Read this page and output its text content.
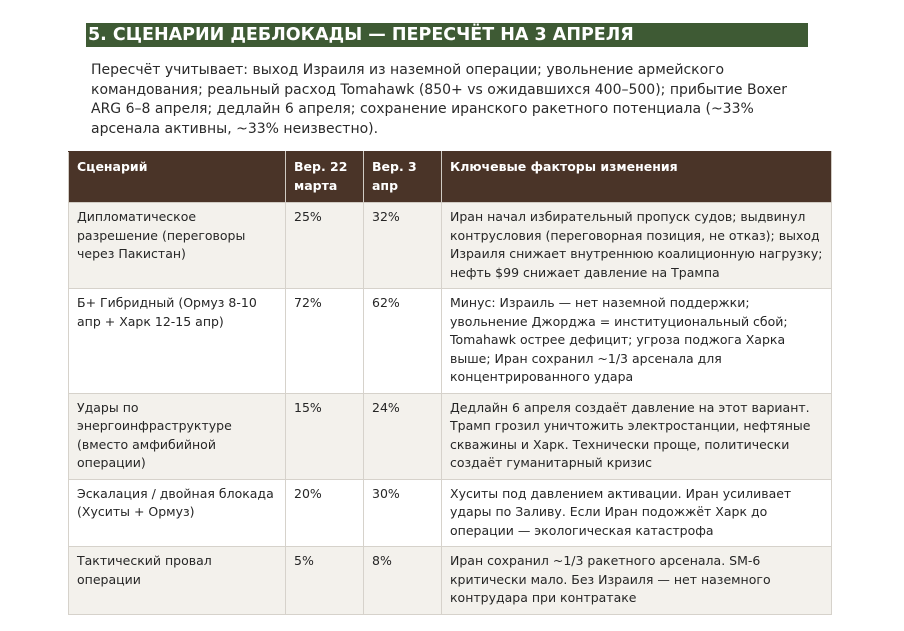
5. СЦЕНАРИИ ДЕБЛОКАДЫ — ПЕРЕСЧЁТ НА 3 АПРЕЛЯ
Пересчёт учитывает: выход Израиля из наземной операции; увольнение армейского командования; реальный расход Tomahawk (850+ vs ожидавшихся 400–500); прибытие Boxer ARG 6–8 апреля; дедлайн 6 апреля; сохранение иранского ракетного потенциала (~33% арсенала активны, ~33% неизвестно).
Сценарий	Вер. 22 марта	Вер. 3 апр	Ключевые факторы изменения
Дипломатическое разрешение (переговоры через Пакистан)	25%	32%	Иран начал избирательный пропуск судов; выдвинул контрусловия (переговорная позиция, не отказ); выход Израиля снижает внутреннюю коалиционную нагрузку; нефть $99 снижает давление на Трампа
Б+ Гибридный (Ормуз 8-10 апр + Харк 12-15 апр)	72%	62%	Минус: Израиль — нет наземной поддержки; увольнение Джорджа = институциональный сбой; Tomahawk острее дефицит; угроза поджога Харка выше; Иран сохранил ~1/3 арсенала для концентрированного удара
Удары по энергоинфраструктуре (вместо амфибийной операции)	15%	24%	Дедлайн 6 апреля создаёт давление на этот вариант. Трамп грозил уничтожить электростанции, нефтяные скважины и Харк. Технически проще, политически создаёт гуманитарный кризис
Эскалация / двойная блокада (Хуситы + Ормуз)	20%	30%	Хуситы под давлением активации. Иран усиливает удары по Заливу. Если Иран подожжёт Харк до операции — экологическая катастрофа
Тактический провал операции	5%	8%	Иран сохранил ~1/3 ракетного арсенала. SM-6 критически мало. Без Израиля — нет наземного контрудара при контратаке
